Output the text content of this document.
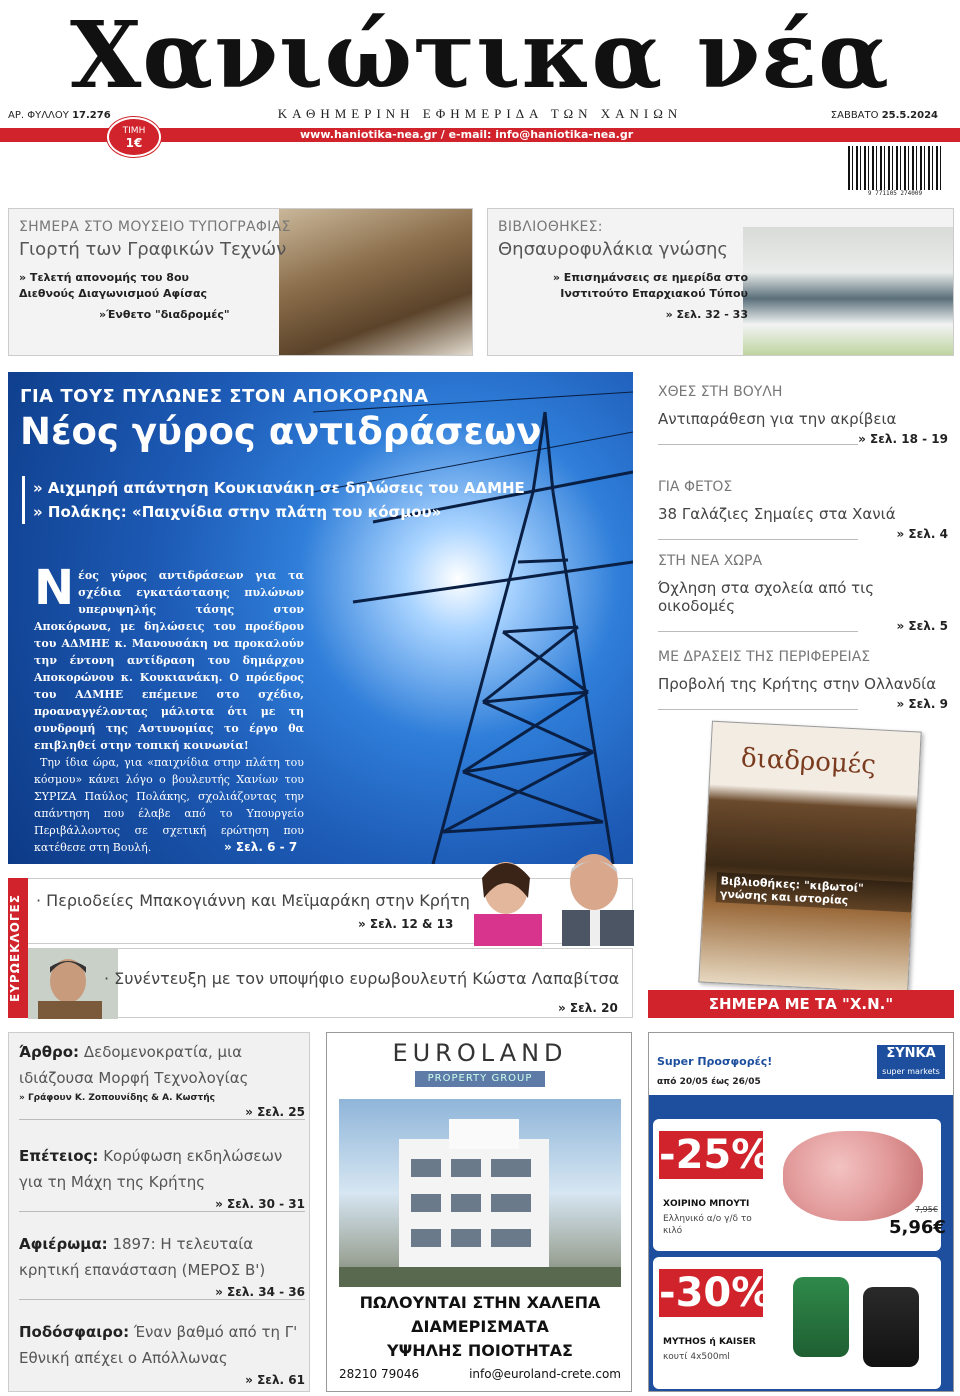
Χανιώτικα νέα
ΑΡ. ΦΥΛΛΟΥ 17.276	ΚΑΘΗΜΕΡΙΝΗ ΕΦΗΜΕΡΙΔΑ ΤΩΝ ΧΑΝΙΩΝ	ΣΑΒΒΑΤΟ 25.5.2024
www.haniotika-nea.gr / e-mail: info@haniotika-nea.gr
ΤΙΜΗ
1€
9 771105 274009
ΣΗΜΕΡΑ ΣΤΟ ΜΟΥΣΕΙΟ ΤΥΠΟΓΡΑΦΙΑΣ
Γιορτή των Γραφικών Τεχνών
» Τελετή απονομής του 8ου
Διεθνούς Διαγωνισμού Αφίσας
»Ένθετο "διαδρομές"
ΒΙΒΛΙΟΘΗΚΕΣ:
Θησαυροφυλάκια γνώσης
» Επισημάνσεις σε ημερίδα στο
Ινστιτούτο Επαρχιακού Τύπου
» Σελ. 32 - 33
ΓΙΑ ΤΟΥΣ ΠΥΛΩΝΕΣ ΣΤΟΝ ΑΠΟΚΟΡΩΝΑ
Νέος γύρος αντιδράσεων
» Αιχμηρή απάντηση Κουκιανάκη σε δηλώσεις του ΑΔΜΗΕ
» Πολάκης: «Παιχνίδια στην πλάτη του κόσμου»
Νέος γύρος αντιδράσεων για τα σχέδια εγκατάστασης πυλώνων υπερυψηλής τάσης στον Αποκόρωνα, με δηλώσεις του προέδρου του ΑΔΜΗΕ κ. Μανουσάκη να προκαλούν την έντονη αντίδραση του δημάρχου Αποκορώνου κ. Κουκιανάκη. Ο πρόεδρος του ΑΔΜΗΕ επέμεινε στο σχέδιο, προαναγγέλοντας μάλιστα ότι με τη συνδρομή της Αστυνομίας το έργο θα επιβληθεί στην τοπική κοινωνία!
Την ίδια ώρα, για «παιχνίδια στην πλάτη του κόσμου» κάνει λόγο ο βουλευτής Χανίων του ΣΥΡΙΖΑ Παύλος Πολάκης, σχολιάζοντας την απάντηση που έλαβε από το Υπουργείο Περιβάλλοντος σε σχετική ερώτηση που κατέθεσε στη Βουλή.	» Σελ. 6 - 7
ΧΘΕΣ ΣΤΗ ΒΟΥΛΗ
Αντιπαράθεση για την ακρίβεια
» Σελ. 18 - 19
ΓΙΑ ΦΕΤΟΣ
38 Γαλάζιες Σημαίες στα Χανιά
» Σελ. 4
ΣΤΗ ΝΕΑ ΧΩΡΑ
Όχληση στα σχολεία από τις οικοδομές
» Σελ. 5
ΜΕ ΔΡΑΣΕΙΣ ΤΗΣ ΠΕΡΙΦΕΡΕΙΑΣ
Προβολή της Κρήτης στην Ολλανδία
» Σελ. 9
διαδρομές
Βιβλιοθήκες: "κιβωτοί" γνώσης και ιστορίας
ΣΗΜΕΡΑ ΜΕ ΤΑ "Χ.Ν."
ΕΥΡΩΕΚΛΟΓΕΣ · Περιοδείες Μπακογιάννη και Μεϊμαράκη στην Κρήτη
» Σελ. 12 & 13
· Συνέντευξη με τον υποψήφιο ευρωβουλευτή Κώστα Λαπαβίτσα
» Σελ. 20
Άρθρο: Δεδομενοκρατία, μια ιδιάζουσα Μορφή Τεχνολογίας
» Γράφουν Κ. Ζοπουνίδης & Α. Κωστής
» Σελ. 25
Επέτειος: Κορύφωση εκδηλώσεων για τη Μάχη της Κρήτης
» Σελ. 30 - 31
Αφιέρωμα: 1897: Η τελευταία κρητική επανάσταση (ΜΕΡΟΣ Β')
» Σελ. 34 - 36
Ποδόσφαιρο: Έναν βαθμό από τη Γ' Εθνική απέχει ο Απόλλωνας
» Σελ. 61
EUROLAND
PROPERTY GROUP
ΠΩΛΟΥΝΤΑΙ ΣΤΗΝ ΧΑΛΕΠΑ
ΔΙΑΜΕΡΙΣΜΑΤΑ
ΥΨΗΛΗΣ ΠΟΙΟΤΗΤΑΣ
28210 79046	info@euroland-crete.com
Super Προσφορές!
από 20/05 έως 26/05
ΣΥΝΚΑ
super markets
-25%
ΧΟΙΡΙΝΟ ΜΠΟΥΤΙ
Ελληνικό α/ο γ/δ το κιλό
7,95€
5,96€
-30%
MYTHOS ή KAISER
κουτί 4x500ml
